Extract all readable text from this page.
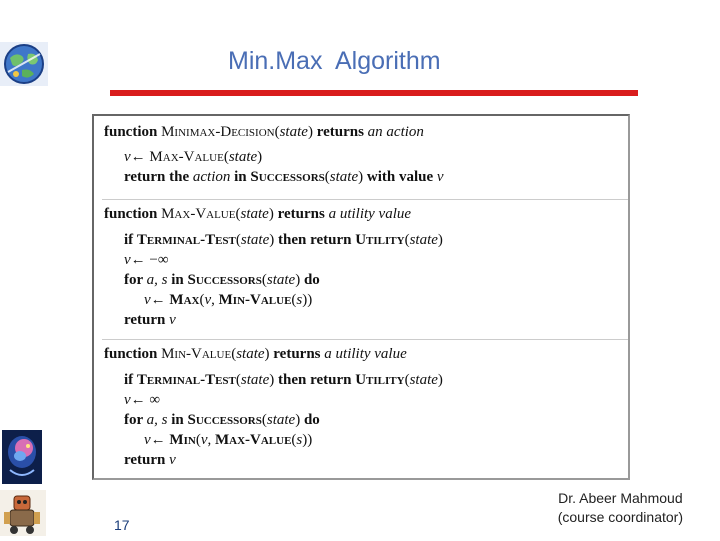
Min.Max  Algorithm
function Minimax-Decision(state) returns an action
v← Max-Value(state)
return the action in Successors(state) with value v
function Max-Value(state) returns a utility value
if Terminal-Test(state) then return Utility(state)
v← −∞
for a, s in Successors(state) do
v← Max(v, Min-Value(s))
return v
function Min-Value(state) returns a utility value
if Terminal-Test(state) then return Utility(state)
v← ∞
for a, s in Successors(state) do
v← Min(v, Max-Value(s))
return v
17
Dr. Abeer Mahmoud
(course coordinator)
